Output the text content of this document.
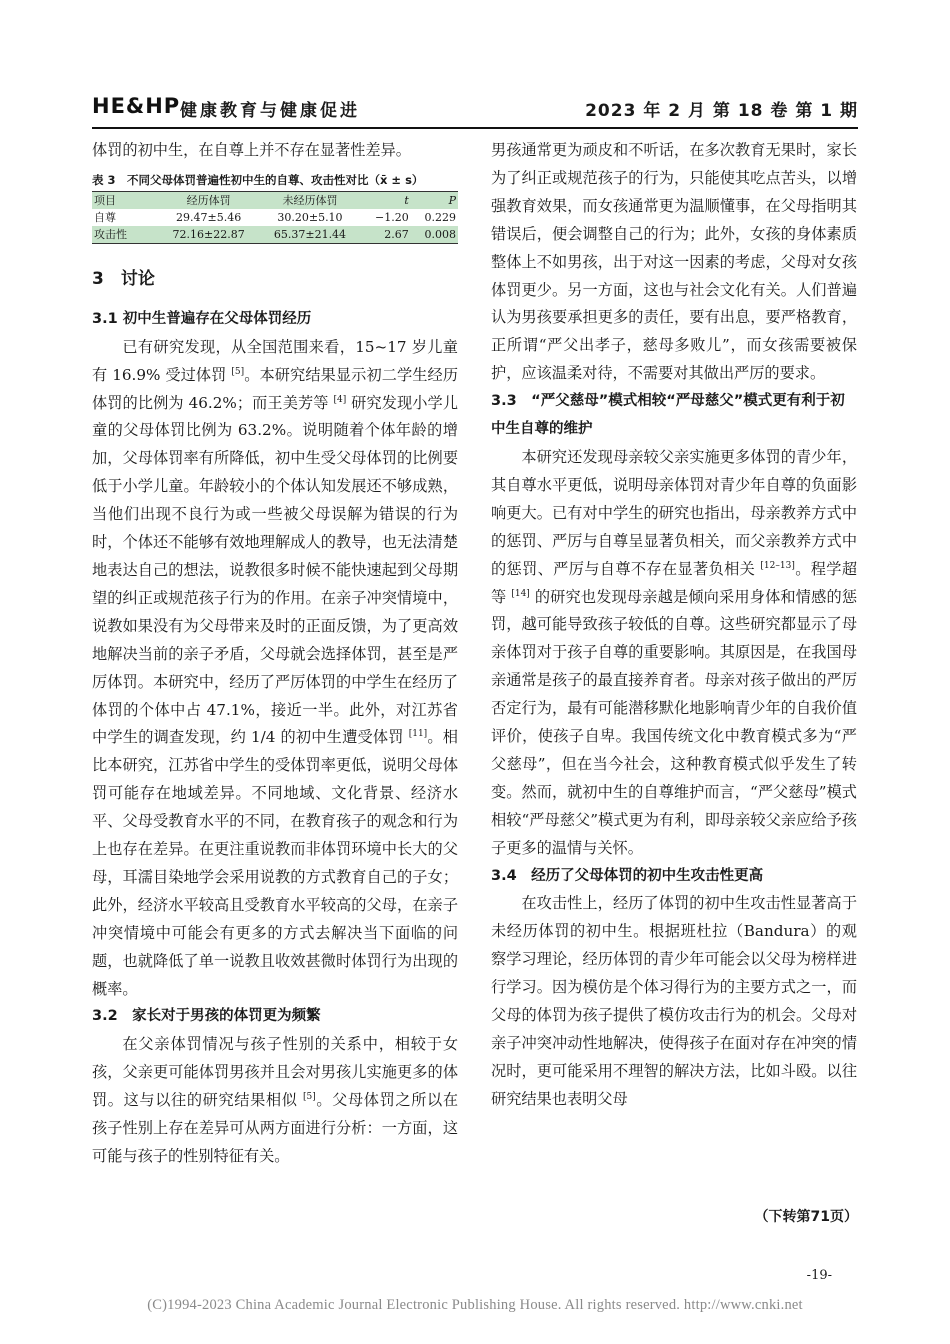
HE&HP 健康教育与健康促进	2023 年 2 月 第 18 卷 第 1 期

体罚的初中生，在自尊上并不存在显著性差异。

表 3　不同父母体罚普遍性初中生的自尊、攻击性对比（x̄ ± s）
项目	经历体罚	未经历体罚	t	P
自尊	29.47±5.46	30.20±5.10	−1.20	0.229
攻击性	72.16±22.87	65.37±21.44	2.67	0.008
3　讨论
3.1 初中生普遍存在父母体罚经历

已有研究发现，从全国范围来看，15~17 岁儿童有 16.9% 受过体罚 [5]。本研究结果显示初二学生经历体罚的比例为 46.2%；而王美芳等 [4] 研究发现小学儿童的父母体罚比例为 63.2%。说明随着个体年龄的增加，父母体罚率有所降低，初中生受父母体罚的比例要低于小学儿童。年龄较小的个体认知发展还不够成熟，当他们出现不良行为或一些被父母误解为错误的行为时，个体还不能够有效地理解成人的教导，也无法清楚地表达自己的想法，说教很多时候不能快速起到父母期望的纠正或规范孩子行为的作用。在亲子冲突情境中，说教如果没有为父母带来及时的正面反馈，为了更高效地解决当前的亲子矛盾，父母就会选择体罚，甚至是严厉体罚。本研究中，经历了严厉体罚的中学生在经历了体罚的个体中占 47.1%，接近一半。此外，对江苏省中学生的调查发现，约 1/4 的初中生遭受体罚 [11]。相比本研究，江苏省中学生的受体罚率更低，说明父母体罚可能存在地域差异。不同地域、文化背景、经济水平、父母受教育水平的不同，在教育孩子的观念和行为上也存在差异。在更注重说教而非体罚环境中长大的父母，耳濡目染地学会采用说教的方式教育自己的子女；此外，经济水平较高且受教育水平较高的父母，在亲子冲突情境中可能会有更多的方式去解决当下面临的问题，也就降低了单一说教且收效甚微时体罚行为出现的概率。

3.2　家长对于男孩的体罚更为频繁

在父亲体罚情况与孩子性别的关系中，相较于女孩，父亲更可能体罚男孩并且会对男孩儿实施更多的体罚。这与以往的研究结果相似 [5]。父母体罚之所以在孩子性别上存在差异可从两方面进行分析：一方面，这可能与孩子的性别特征有关。

男孩通常更为顽皮和不听话，在多次教育无果时，家长为了纠正或规范孩子的行为，只能使其吃点苦头，以增强教育效果，而女孩通常更为温顺懂事，在父母指明其错误后，便会调整自己的行为；此外，女孩的身体素质整体上不如男孩，出于对这一因素的考虑，父母对女孩体罚更少。另一方面，这也与社会文化有关。人们普遍认为男孩要承担更多的责任，要有出息，要严格教育，正所谓“严父出孝子，慈母多败儿”，而女孩需要被保护，应该温柔对待，不需要对其做出严厉的要求。

3.3　“严父慈母”模式相较“严母慈父”模式更有利于初中生自尊的维护

本研究还发现母亲较父亲实施更多体罚的青少年，其自尊水平更低，说明母亲体罚对青少年自尊的负面影响更大。已有对中学生的研究也指出，母亲教养方式中的惩罚、严厉与自尊呈显著负相关，而父亲教养方式中的惩罚、严厉与自尊不存在显著负相关 [12–13]。程学超等 [14] 的研究也发现母亲越是倾向采用身体和情感的惩罚，越可能导致孩子较低的自尊。这些研究都显示了母亲体罚对于孩子自尊的重要影响。其原因是，在我国母亲通常是孩子的最直接养育者。母亲对孩子做出的严厉否定行为，最有可能潜移默化地影响青少年的自我价值评价，使孩子自卑。我国传统文化中教育模式多为“严父慈母”，但在当今社会，这种教育模式似乎发生了转变。然而，就初中生的自尊维护而言，“严父慈母”模式相较“严母慈父”模式更为有利，即母亲较父亲应给予孩子更多的温情与关怀。

3.4　经历了父母体罚的初中生攻击性更高

在攻击性上，经历了体罚的初中生攻击性显著高于未经历体罚的初中生。根据班杜拉（Bandura）的观察学习理论，经历体罚的青少年可能会以父母为榜样进行学习。因为模仿是个体习得行为的主要方式之一，而父母的体罚为孩子提供了模仿攻击行为的机会。父母对亲子冲突冲动性地解决，使得孩子在面对存在冲突的情况时，更可能采用不理智的解决方法，比如斗殴。以往研究结果也表明父母

（下转第71页）
-19-
(C)1994-2023 China Academic Journal Electronic Publishing House. All rights reserved. http://www.cnki.net
